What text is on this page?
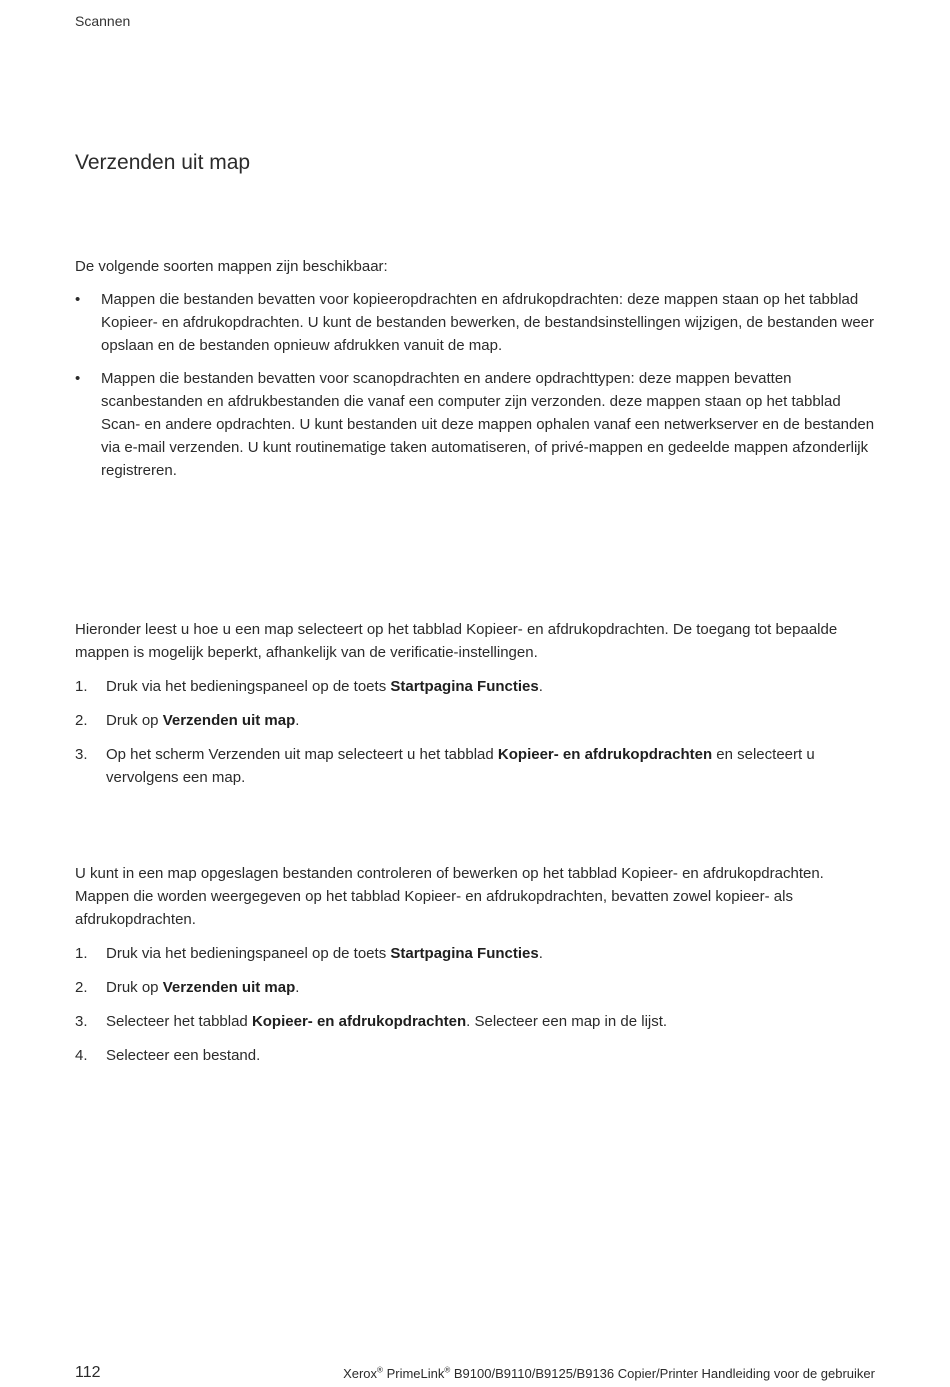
Scannen
Verzenden uit map

De volgende soorten mappen zijn beschikbaar:

•	Mappen die bestanden bevatten voor kopieeropdrachten en afdrukopdrachten: deze mappen staan op het tabblad Kopieer- en afdrukopdrachten. U kunt de bestanden bewerken, de bestandsinstellingen wijzigen, de bestanden weer opslaan en de bestanden opnieuw afdrukken vanuit de map.
•	Mappen die bestanden bevatten voor scanopdrachten en andere opdrachttypen: deze mappen bevatten scanbestanden en afdrukbestanden die vanaf een computer zijn verzonden. deze mappen staan op het tabblad Scan- en andere opdrachten. U kunt bestanden uit deze mappen ophalen vanaf een netwerkserver en de bestanden via e-mail verzenden. U kunt routinematige taken automatiseren, of privé-mappen en gedeelde mappen afzonderlijk registreren.

Hieronder leest u hoe u een map selecteert op het tabblad Kopieer- en afdrukopdrachten. De toegang tot bepaalde mappen is mogelijk beperkt, afhankelijk van de verificatie-instellingen.

1. Druk via het bedieningspaneel op de toets Startpagina Functies.
2. Druk op Verzenden uit map.
3. Op het scherm Verzenden uit map selecteert u het tabblad Kopieer- en afdrukopdrachten en selecteert u vervolgens een map.

U kunt in een map opgeslagen bestanden controleren of bewerken op het tabblad Kopieer- en afdrukopdrachten. Mappen die worden weergegeven op het tabblad Kopieer- en afdrukopdrachten, bevatten zowel kopieer- als afdrukopdrachten.

1. Druk via het bedieningspaneel op de toets Startpagina Functies.
2. Druk op Verzenden uit map.
3. Selecteer het tabblad Kopieer- en afdrukopdrachten. Selecteer een map in de lijst.
4. Selecteer een bestand.
112	Xerox® PrimeLink® B9100/B9110/B9125/B9136 Copier/Printer Handleiding voor de gebruiker
